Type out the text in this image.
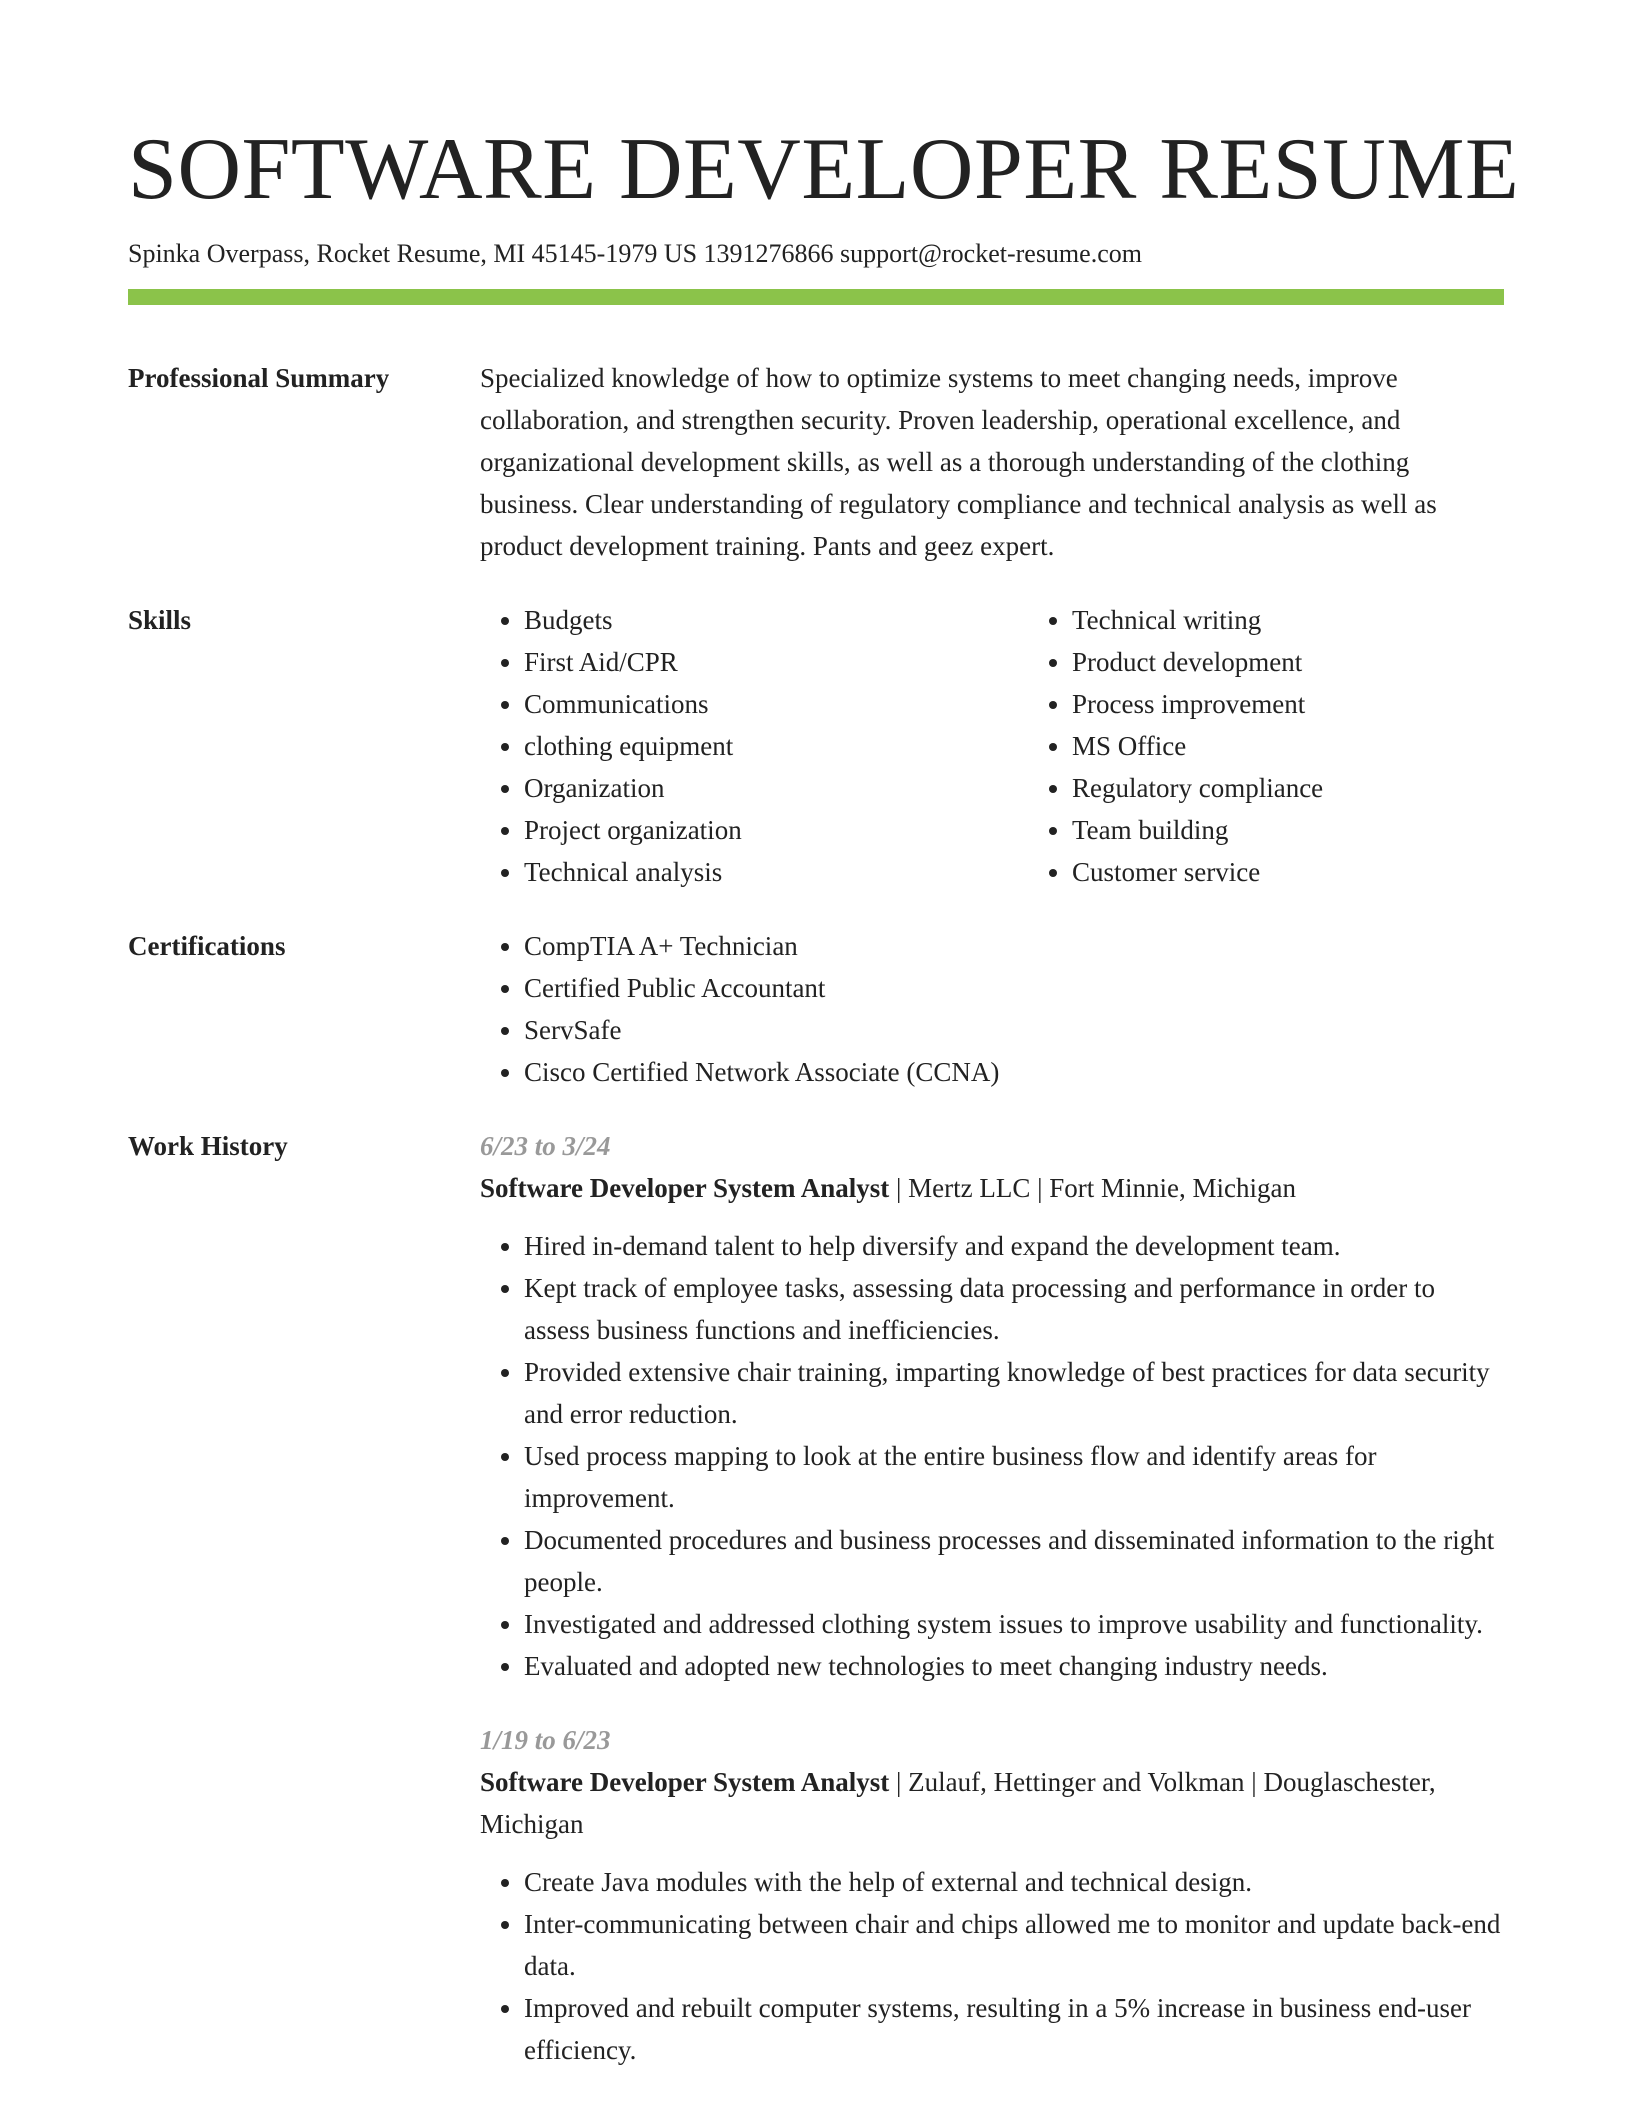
SOFTWARE DEVELOPER RESUME
Spinka Overpass, Rocket Resume, MI 45145-1979 US 1391276866 support@rocket-resume.com
Professional Summary	Specialized knowledge of how to optimize systems to meet changing needs, improve collaboration, and strengthen security. Proven leadership, operational excellence, and organizational development skills, as well as a thorough understanding of the clothing business. Clear understanding of regulatory compliance and technical analysis as well as product development training. Pants and geez expert.
Skills	• Budgets
• First Aid/CPR
• Communications
• clothing equipment
• Organization
• Project organization
• Technical analysis
• Technical writing
• Product development
• Process improvement
• MS Office
• Regulatory compliance
• Team building
• Customer service
Certifications	• CompTIA A+ Technician
• Certified Public Accountant
• ServSafe
• Cisco Certified Network Associate (CCNA)
Work History	6/23 to 3/24
Software Developer System Analyst | Mertz LLC | Fort Minnie, Michigan
• Hired in-demand talent to help diversify and expand the development team.
• Kept track of employee tasks, assessing data processing and performance in order to assess business functions and inefficiencies.
• Provided extensive chair training, imparting knowledge of best practices for data security and error reduction.
• Used process mapping to look at the entire business flow and identify areas for improvement.
• Documented procedures and business processes and disseminated information to the right people.
• Investigated and addressed clothing system issues to improve usability and functionality.
• Evaluated and adopted new technologies to meet changing industry needs.
1/19 to 6/23
Software Developer System Analyst | Zulauf, Hettinger and Volkman | Douglaschester, Michigan
• Create Java modules with the help of external and technical design.
• Inter-communicating between chair and chips allowed me to monitor and update back-end data.
• Improved and rebuilt computer systems, resulting in a 5% increase in business end-user efficiency.
